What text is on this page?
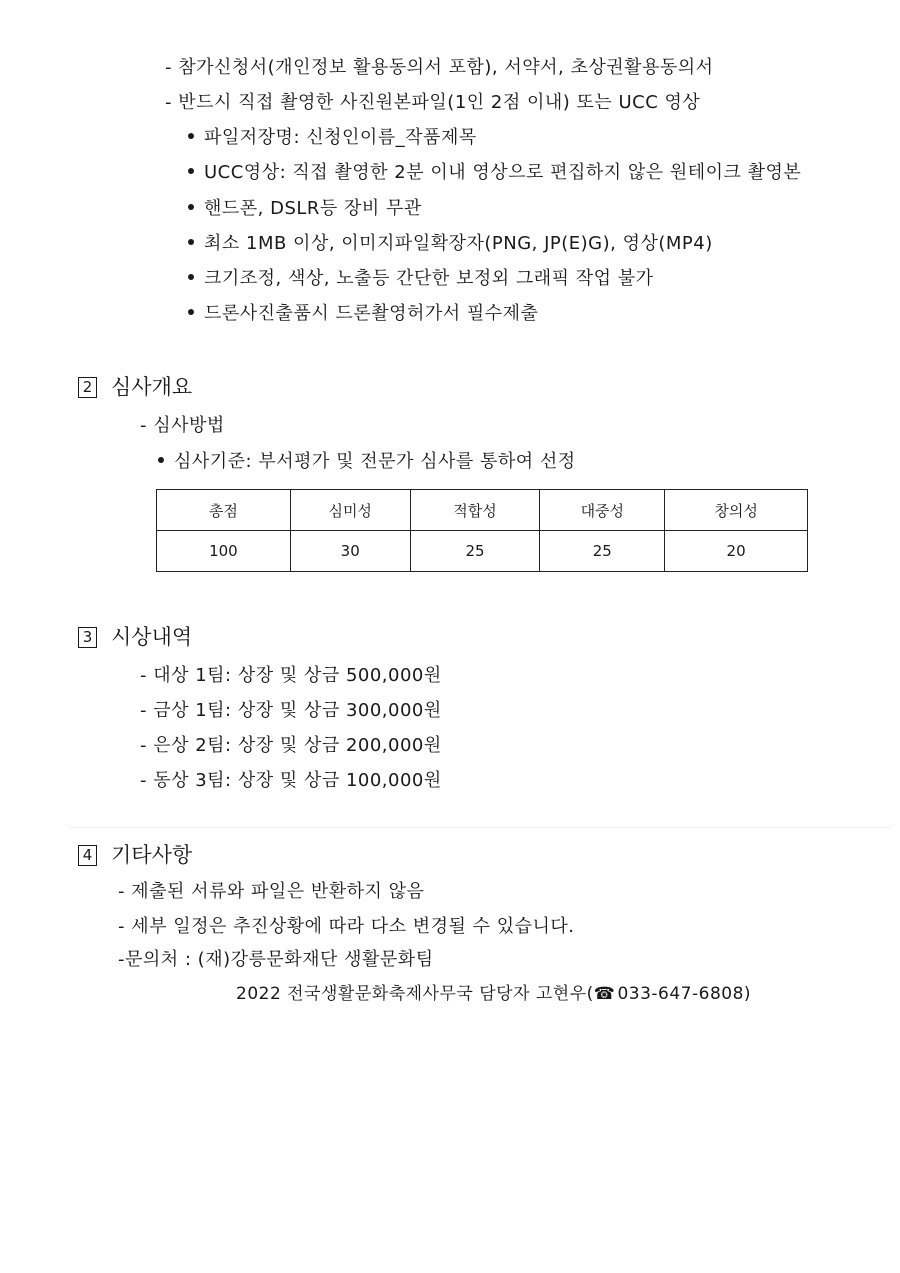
- 참가신청서(개인정보 활용동의서 포함), 서약서, 초상권활용동의서
- 반드시 직접 촬영한 사진원본파일(1인 2점 이내) 또는 UCC 영상
파일저장명: 신청인이름_작품제목
UCC영상: 직접 촬영한 2분 이내 영상으로 편집하지 않은 원테이크 촬영본
핸드폰, DSLR등 장비 무관
최소 1MB 이상, 이미지파일확장자(PNG, JP(E)G), 영상(MP4)
크기조정, 색상, 노출등 간단한 보정외 그래픽 작업 불가
드론사진출품시 드론촬영허가서 필수제출
2 심사개요
- 심사방법
심사기준: 부서평가 및 전문가 심사를 통하여 선정
총점	심미성	적합성	대중성	창의성
100	30	25	25	20
3 시상내역
- 대상 1팀: 상장 및 상금 500,000원
- 금상 1팀: 상장 및 상금 300,000원
- 은상 2팀: 상장 및 상금 200,000원
- 동상 3팀: 상장 및 상금 100,000원
4 기타사항
- 제출된 서류와 파일은 반환하지 않음
- 세부 일정은 추진상황에 따라 다소 변경될 수 있습니다.
-문의처 : (재)강릉문화재단 생활문화팀
2022 전국생활문화축제사무국 담당자 고현우(☎ 033-647-6808)
